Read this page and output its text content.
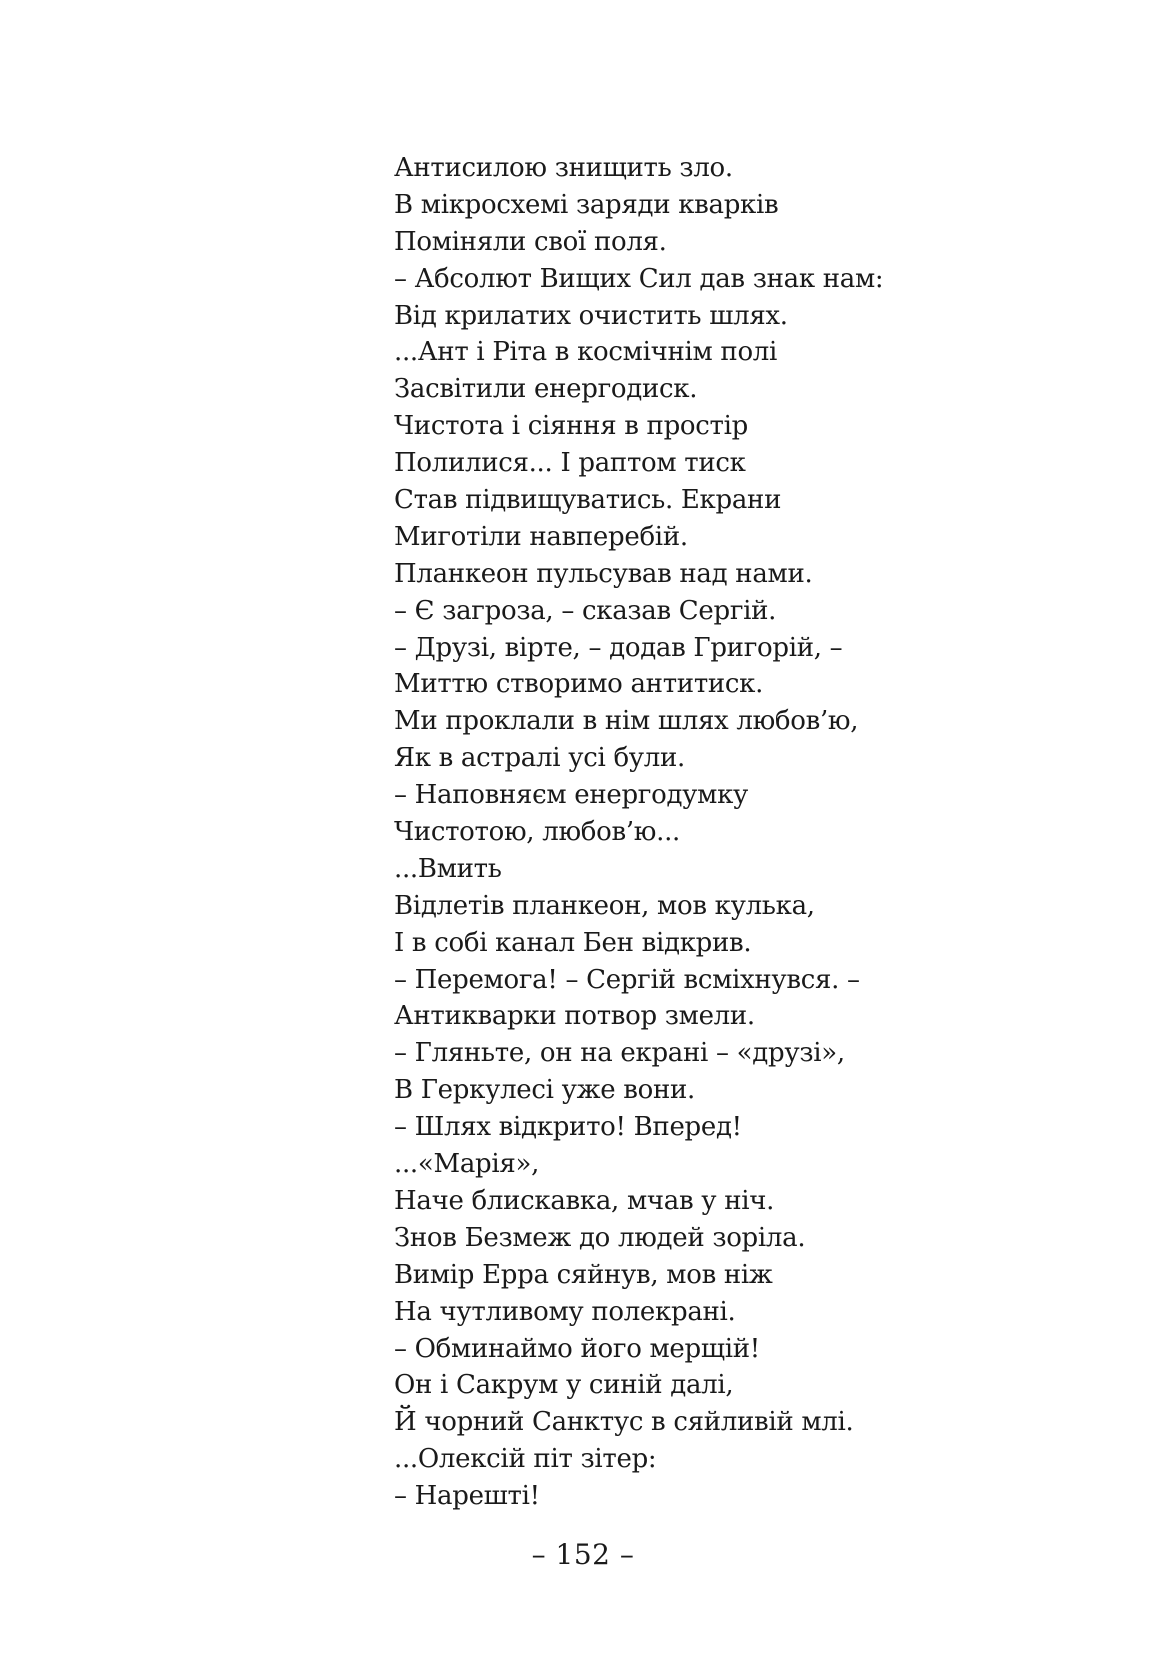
Антисилою знищить зло.
В мікросхемі заряди кварків
Поміняли свої поля.
– Абсолют Вищих Сил дав знак нам:
Від крилатих очистить шлях.
...Ант і Ріта в космічнім полі
Засвітили енергодиск.
Чистота і сіяння в простір
Полилися... І раптом тиск
Став підвищуватись. Екрани
Миготіли навперебій.
Планкеон пульсував над нами.
– Є загроза, – сказав Сергій.
– Друзі, вірте, – додав Григорій, –
Миттю створимо антитиск.
Ми проклали в нім шлях любов’ю,
Як в астралі усі були.
– Наповняєм енергодумку
Чистотою, любов’ю...
...Вмить
Відлетів планкеон, мов кулька,
І в собі канал Бен відкрив.
– Перемога! – Сергій всміхнувся. –
Антикварки потвор змели.
– Гляньте, он на екрані – «друзі»,
В Геркулесі уже вони.
– Шлях відкрито! Вперед!
...«Марія»,
Наче блискавка, мчав у ніч.
Знов Безмеж до людей зоріла.
Вимір Ерра сяйнув, мов ніж
На чутливому полекрані.
– Обминаймо його мерщій!
Он і Сакрум у синій далі,
Й чорний Санктус в сяйливій млі.
...Олексій піт зітер:
– Нарешті!
– 152 –
